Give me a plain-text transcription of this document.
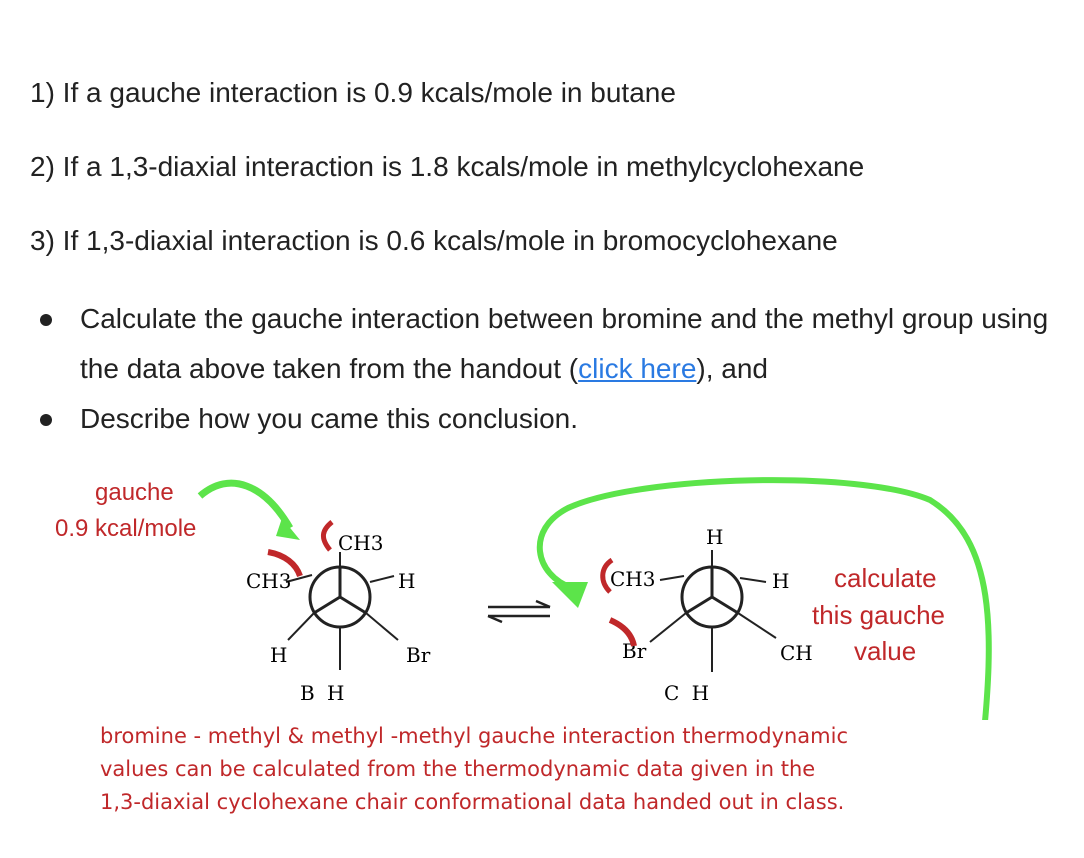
1) If a gauche interaction is 0.9 kcals/mole in butane

2) If a 1,3-diaxial interaction is 1.8 kcals/mole in methylcyclohexane

3) If 1,3-diaxial interaction is 0.6 kcals/mole in bromocyclohexane

Calculate the gauche interaction between bromine and the methyl group using the data above taken from the handout (click here), and
Describe how you came this conclusion.
gauche
0.9 kcal/mole
CH3
CH3	H
H	Br
B H
H
CH3	H
Br	CH
C H
calculate
this gauche
value
bromine - methyl & methyl -methyl gauche interaction thermodynamic
values can be calculated from the thermodynamic data given in the
1,3-diaxial cyclohexane chair conformational data handed out in class.
